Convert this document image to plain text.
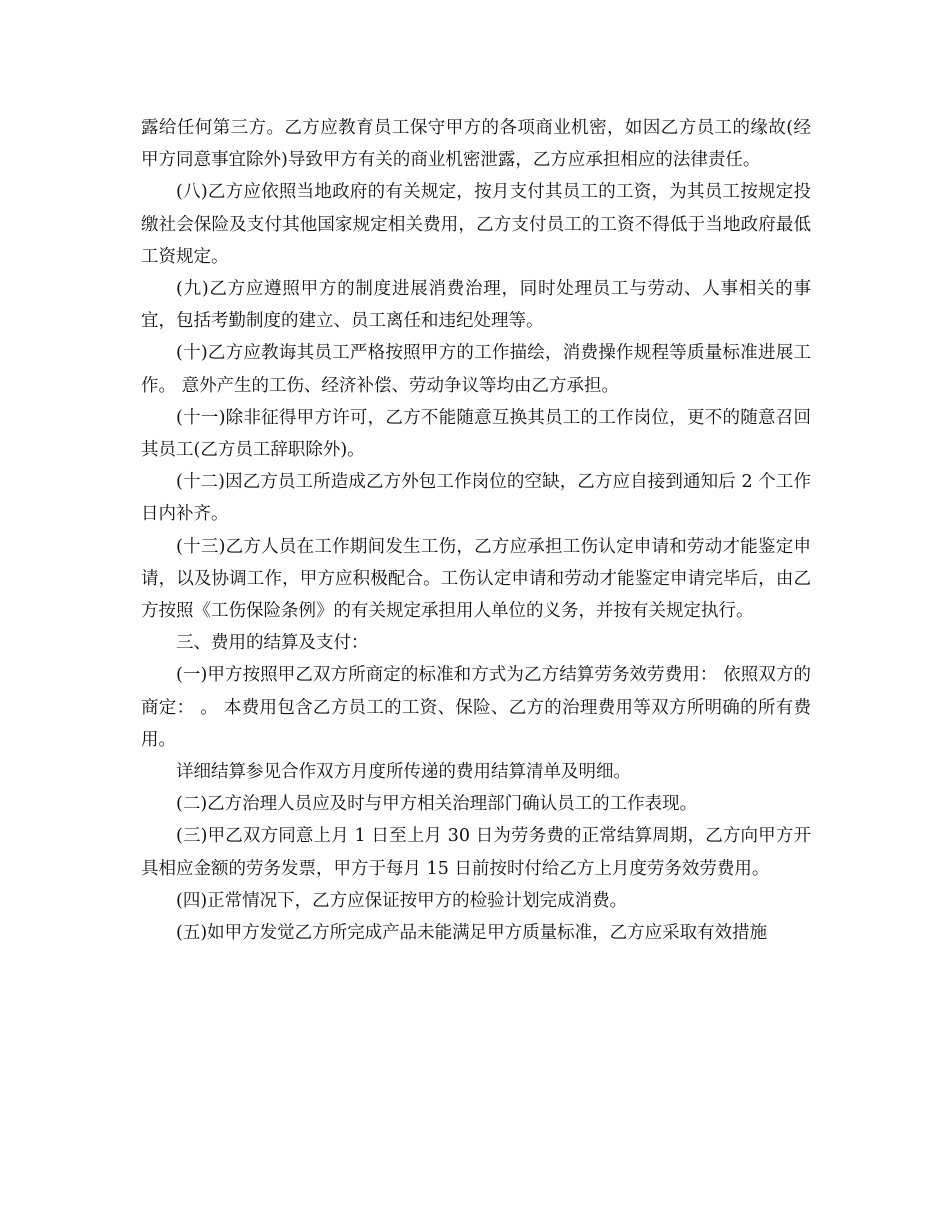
露给任何第三方。乙方应教育员工保守甲方的各项商业机密，如因乙方员工的缘故(经甲方同意事宜除外)导致甲方有关的商业机密泄露，乙方应承担相应的法律责任。

(八)乙方应依照当地政府的有关规定，按月支付其员工的工资，为其员工按规定投缴社会保险及支付其他国家规定相关费用，乙方支付员工的工资不得低于当地政府最低工资规定。

(九)乙方应遵照甲方的制度进展消费治理，同时处理员工与劳动、人事相关的事宜，包括考勤制度的建立、员工离任和违纪处理等。

(十)乙方应教诲其员工严格按照甲方的工作描绘，消费操作规程等质量标准进展工作。 意外产生的工伤、经济补偿、劳动争议等均由乙方承担。

(十一)除非征得甲方许可，乙方不能随意互换其员工的工作岗位，更不的随意召回其员工(乙方员工辞职除外)。

(十二)因乙方员工所造成乙方外包工作岗位的空缺，乙方应自接到通知后 2 个工作日内补齐。

(十三)乙方人员在工作期间发生工伤，乙方应承担工伤认定申请和劳动才能鉴定申请，以及协调工作，甲方应积极配合。工伤认定申请和劳动才能鉴定申请完毕后，由乙方按照《工伤保险条例》的有关规定承担用人单位的义务，并按有关规定执行。

三、费用的结算及支付：

(一)甲方按照甲乙双方所商定的标准和方式为乙方结算劳务效劳费用： 依照双方的商定： 。 本费用包含乙方员工的工资、保险、乙方的治理费用等双方所明确的所有费用。

详细结算参见合作双方月度所传递的费用结算清单及明细。

(二)乙方治理人员应及时与甲方相关治理部门确认员工的工作表现。

(三)甲乙双方同意上月 1 日至上月 30 日为劳务费的正常结算周期，乙方向甲方开具相应金额的劳务发票，甲方于每月 15 日前按时付给乙方上月度劳务效劳费用。

(四)正常情况下，乙方应保证按甲方的检验计划完成消费。

(五)如甲方发觉乙方所完成产品未能满足甲方质量标准，乙方应采取有效措施
